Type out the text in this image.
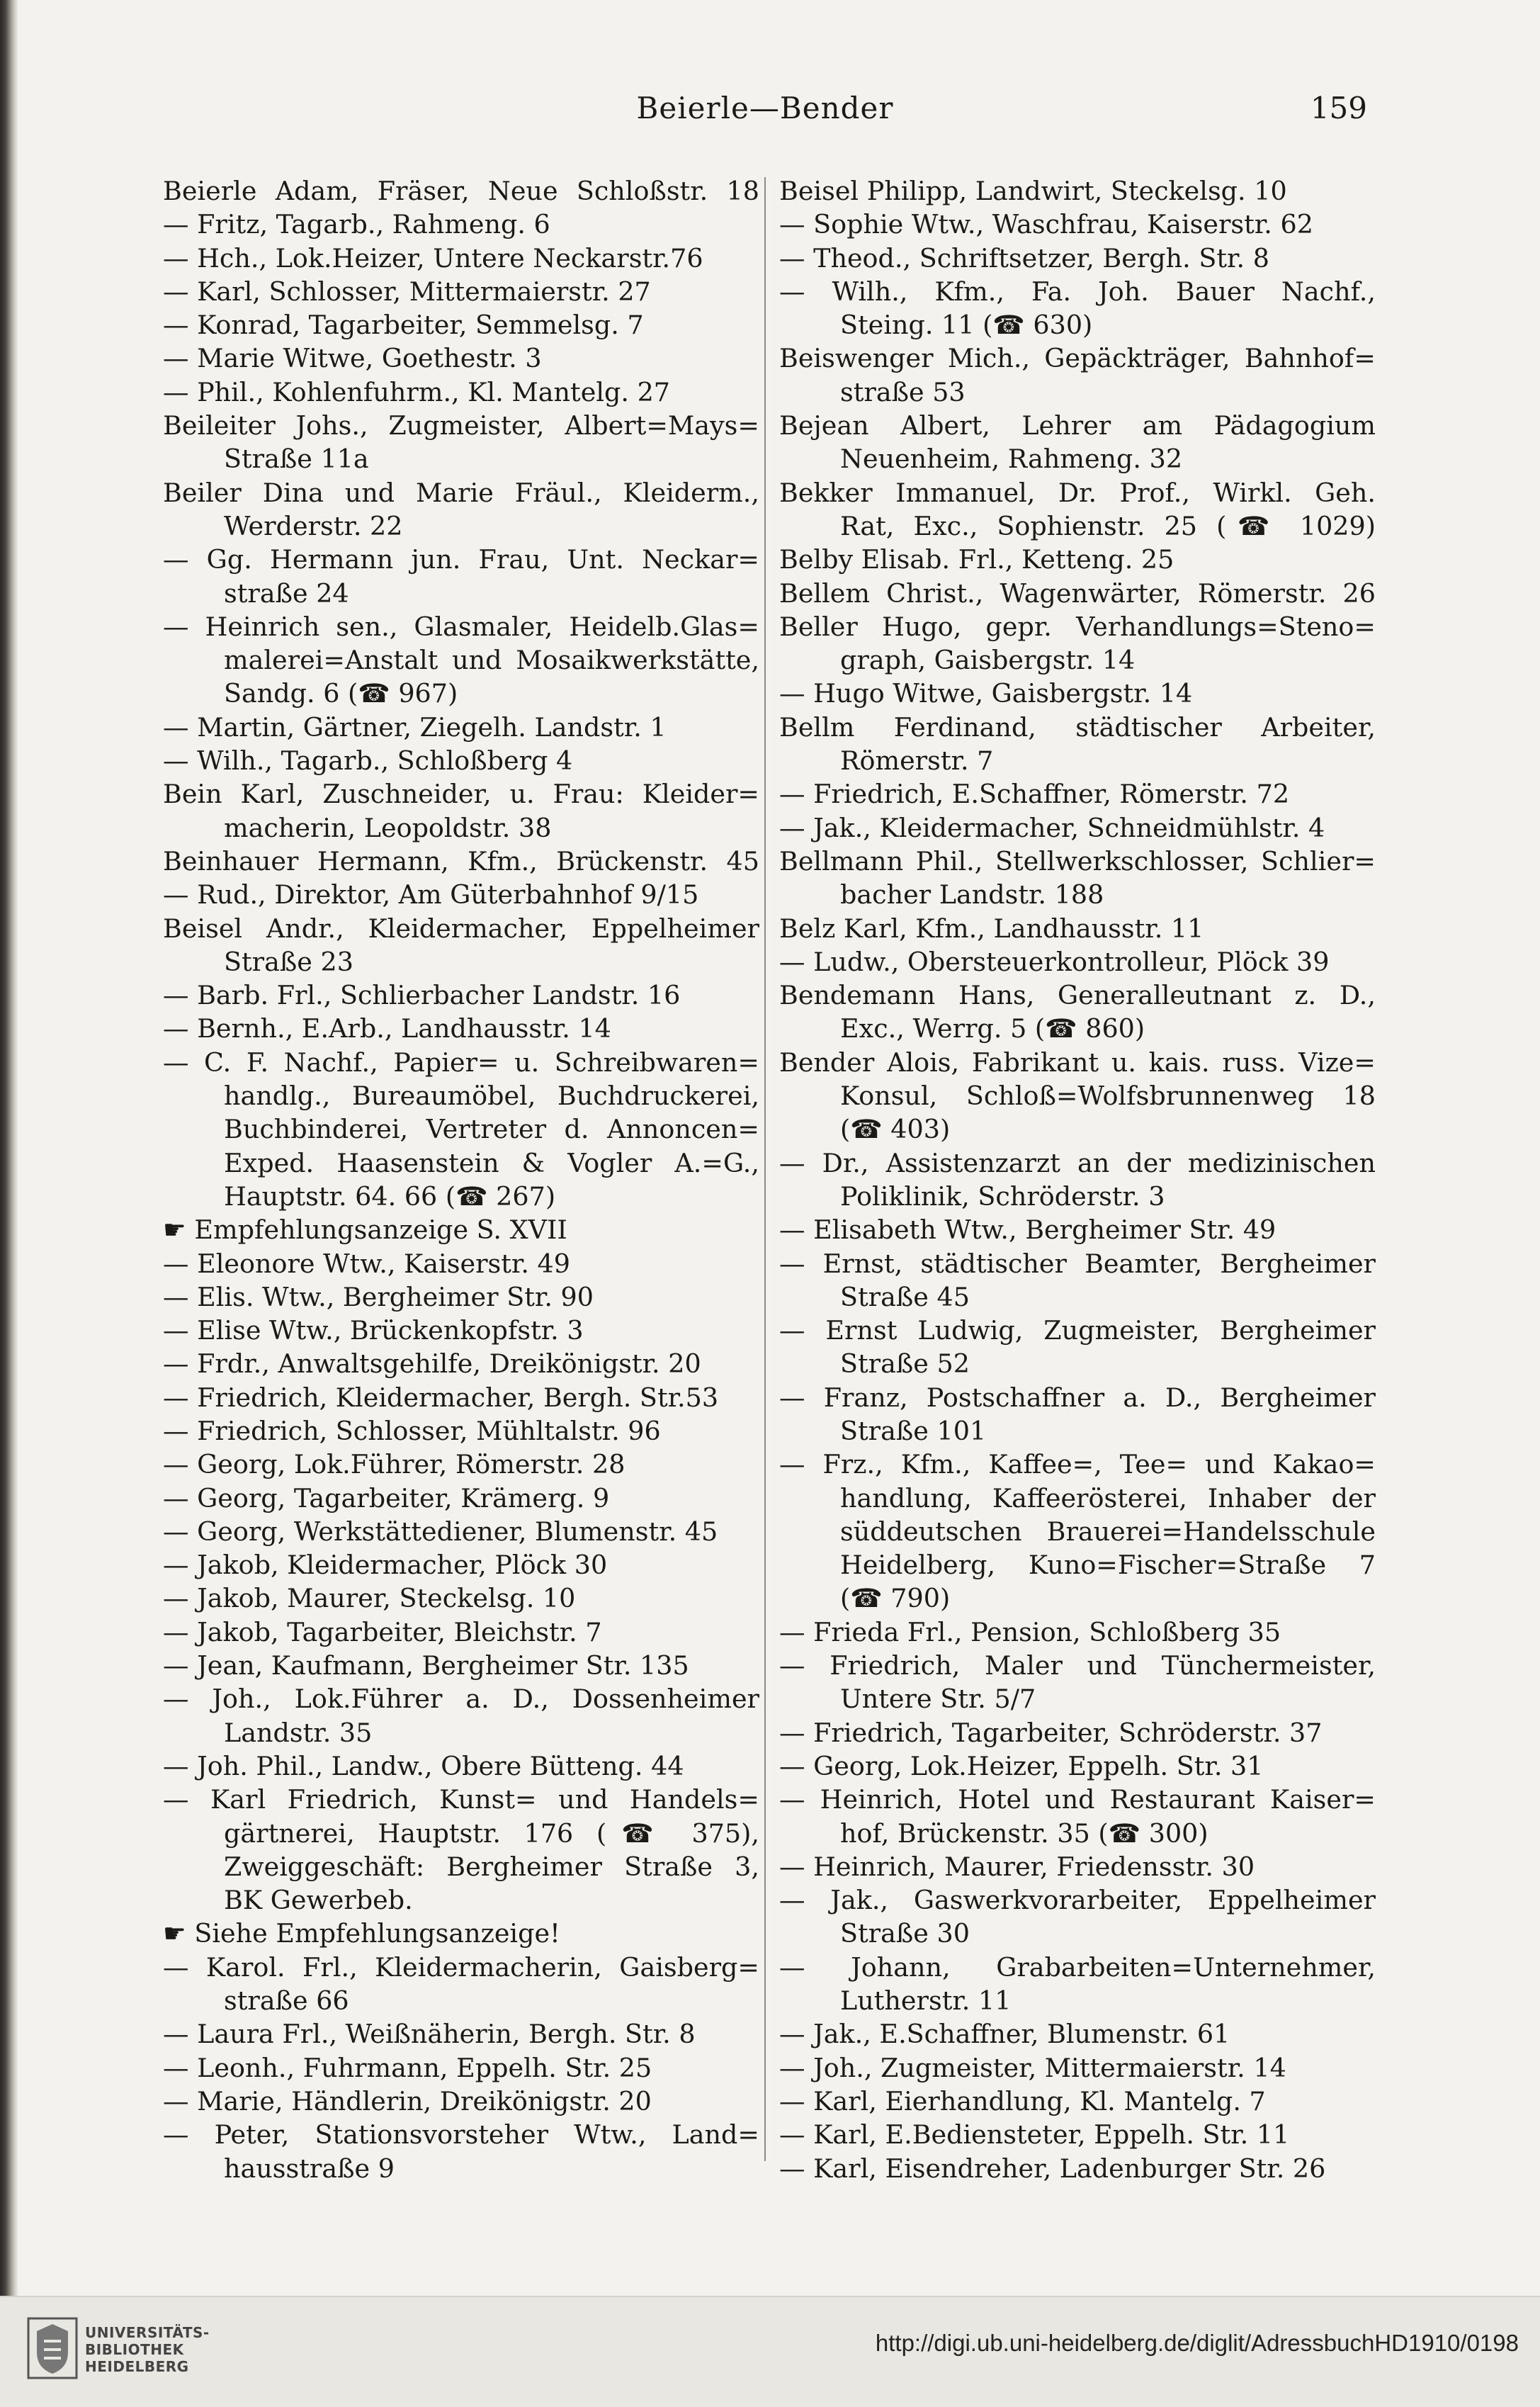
Beierle—Bender	159
Beierle Adam, Fräser, Neue Schloßstr. 18
— Fritz, Tagarb., Rahmeng. 6
— Hch., Lok.Heizer, Untere Neckarstr.76
— Karl, Schlosser, Mittermaierstr. 27
— Konrad, Tagarbeiter, Semmelsg. 7
— Marie Witwe, Goethestr. 3
— Phil., Kohlenfuhrm., Kl. Mantelg. 27
Beileiter Johs., Zugmeister, Albert=Mays=
Straße 11a
Beiler Dina und Marie Fräul., Kleiderm.,
Werderstr. 22
— Gg. Hermann jun. Frau, Unt. Neckar=
straße 24
— Heinrich sen., Glasmaler, Heidelb.Glas=
malerei=Anstalt und Mosaikwerkstätte,
Sandg. 6 (☎ 967)
— Martin, Gärtner, Ziegelh. Landstr. 1
— Wilh., Tagarb., Schloßberg 4
Bein Karl, Zuschneider, u. Frau: Kleider=
macherin, Leopoldstr. 38
Beinhauer Hermann, Kfm., Brückenstr. 45
— Rud., Direktor, Am Güterbahnhof 9/15
Beisel Andr., Kleidermacher, Eppelheimer
Straße 23
— Barb. Frl., Schlierbacher Landstr. 16
— Bernh., E.Arb., Landhausstr. 14
— C. F. Nachf., Papier= u. Schreibwaren=
handlg., Bureaumöbel, Buchdruckerei,
Buchbinderei, Vertreter d. Annoncen=
Exped. Haasenstein & Vogler A.=G.,
Hauptstr. 64. 66 (☎ 267)
☛ Empfehlungsanzeige S. XVII
— Eleonore Wtw., Kaiserstr. 49
— Elis. Wtw., Bergheimer Str. 90
— Elise Wtw., Brückenkopfstr. 3
— Frdr., Anwaltsgehilfe, Dreikönigstr. 20
— Friedrich, Kleidermacher, Bergh. Str.53
— Friedrich, Schlosser, Mühltalstr. 96
— Georg, Lok.Führer, Römerstr. 28
— Georg, Tagarbeiter, Krämerg. 9
— Georg, Werkstättediener, Blumenstr. 45
— Jakob, Kleidermacher, Plöck 30
— Jakob, Maurer, Steckelsg. 10
— Jakob, Tagarbeiter, Bleichstr. 7
— Jean, Kaufmann, Bergheimer Str. 135
— Joh., Lok.Führer a. D., Dossenheimer
Landstr. 35
— Joh. Phil., Landw., Obere Bütteng. 44
— Karl Friedrich, Kunst= und Handels=
gärtnerei, Hauptstr. 176 (☎ 375),
Zweiggeschäft: Bergheimer Straße 3,
BK Gewerbeb.
☛ Siehe Empfehlungsanzeige!
— Karol. Frl., Kleidermacherin, Gaisberg=
straße 66
— Laura Frl., Weißnäherin, Bergh. Str. 8
— Leonh., Fuhrmann, Eppelh. Str. 25
— Marie, Händlerin, Dreikönigstr. 20
— Peter, Stationsvorsteher Wtw., Land=
hausstraße 9
Beisel Philipp, Landwirt, Steckelsg. 10
— Sophie Wtw., Waschfrau, Kaiserstr. 62
— Theod., Schriftsetzer, Bergh. Str. 8
— Wilh., Kfm., Fa. Joh. Bauer Nachf.,
Steing. 11 (☎ 630)
Beiswenger Mich., Gepäckträger, Bahnhof=
straße 53
Bejean Albert, Lehrer am Pädagogium
Neuenheim, Rahmeng. 32
Bekker Immanuel, Dr. Prof., Wirkl. Geh.
Rat, Exc., Sophienstr. 25 (☎ 1029)
Belby Elisab. Frl., Ketteng. 25
Bellem Christ., Wagenwärter, Römerstr. 26
Beller Hugo, gepr. Verhandlungs=Steno=
graph, Gaisbergstr. 14
— Hugo Witwe, Gaisbergstr. 14
Bellm Ferdinand, städtischer Arbeiter,
Römerstr. 7
— Friedrich, E.Schaffner, Römerstr. 72
— Jak., Kleidermacher, Schneidmühlstr. 4
Bellmann Phil., Stellwerkschlosser, Schlier=
bacher Landstr. 188
Belz Karl, Kfm., Landhausstr. 11
— Ludw., Obersteuerkontrolleur, Plöck 39
Bendemann Hans, Generalleutnant z. D.,
Exc., Werrg. 5 (☎ 860)
Bender Alois, Fabrikant u. kais. russ. Vize=
Konsul, Schloß=Wolfsbrunnenweg 18
(☎ 403)
— Dr., Assistenzarzt an der medizinischen
Poliklinik, Schröderstr. 3
— Elisabeth Wtw., Bergheimer Str. 49
— Ernst, städtischer Beamter, Bergheimer
Straße 45
— Ernst Ludwig, Zugmeister, Bergheimer
Straße 52
— Franz, Postschaffner a. D., Bergheimer
Straße 101
— Frz., Kfm., Kaffee=, Tee= und Kakao=
handlung, Kaffeerösterei, Inhaber der
süddeutschen Brauerei=Handelsschule
Heidelberg, Kuno=Fischer=Straße 7
(☎ 790)
— Frieda Frl., Pension, Schloßberg 35
— Friedrich, Maler und Tünchermeister,
Untere Str. 5/7
— Friedrich, Tagarbeiter, Schröderstr. 37
— Georg, Lok.Heizer, Eppelh. Str. 31
— Heinrich, Hotel und Restaurant Kaiser=
hof, Brückenstr. 35 (☎ 300)
— Heinrich, Maurer, Friedensstr. 30
— Jak., Gaswerkvorarbeiter, Eppelheimer
Straße 30
— Johann, Grabarbeiten=Unternehmer,
Lutherstr. 11
— Jak., E.Schaffner, Blumenstr. 61
— Joh., Zugmeister, Mittermaierstr. 14
— Karl, Eierhandlung, Kl. Mantelg. 7
— Karl, E.Bediensteter, Eppelh. Str. 11
— Karl, Eisendreher, Ladenburger Str. 26
UNIVERSITÄTS-
BIBLIOTHEK
HEIDELBERG
http://digi.ub.uni-heidelberg.de/diglit/AdressbuchHD1910/0198
